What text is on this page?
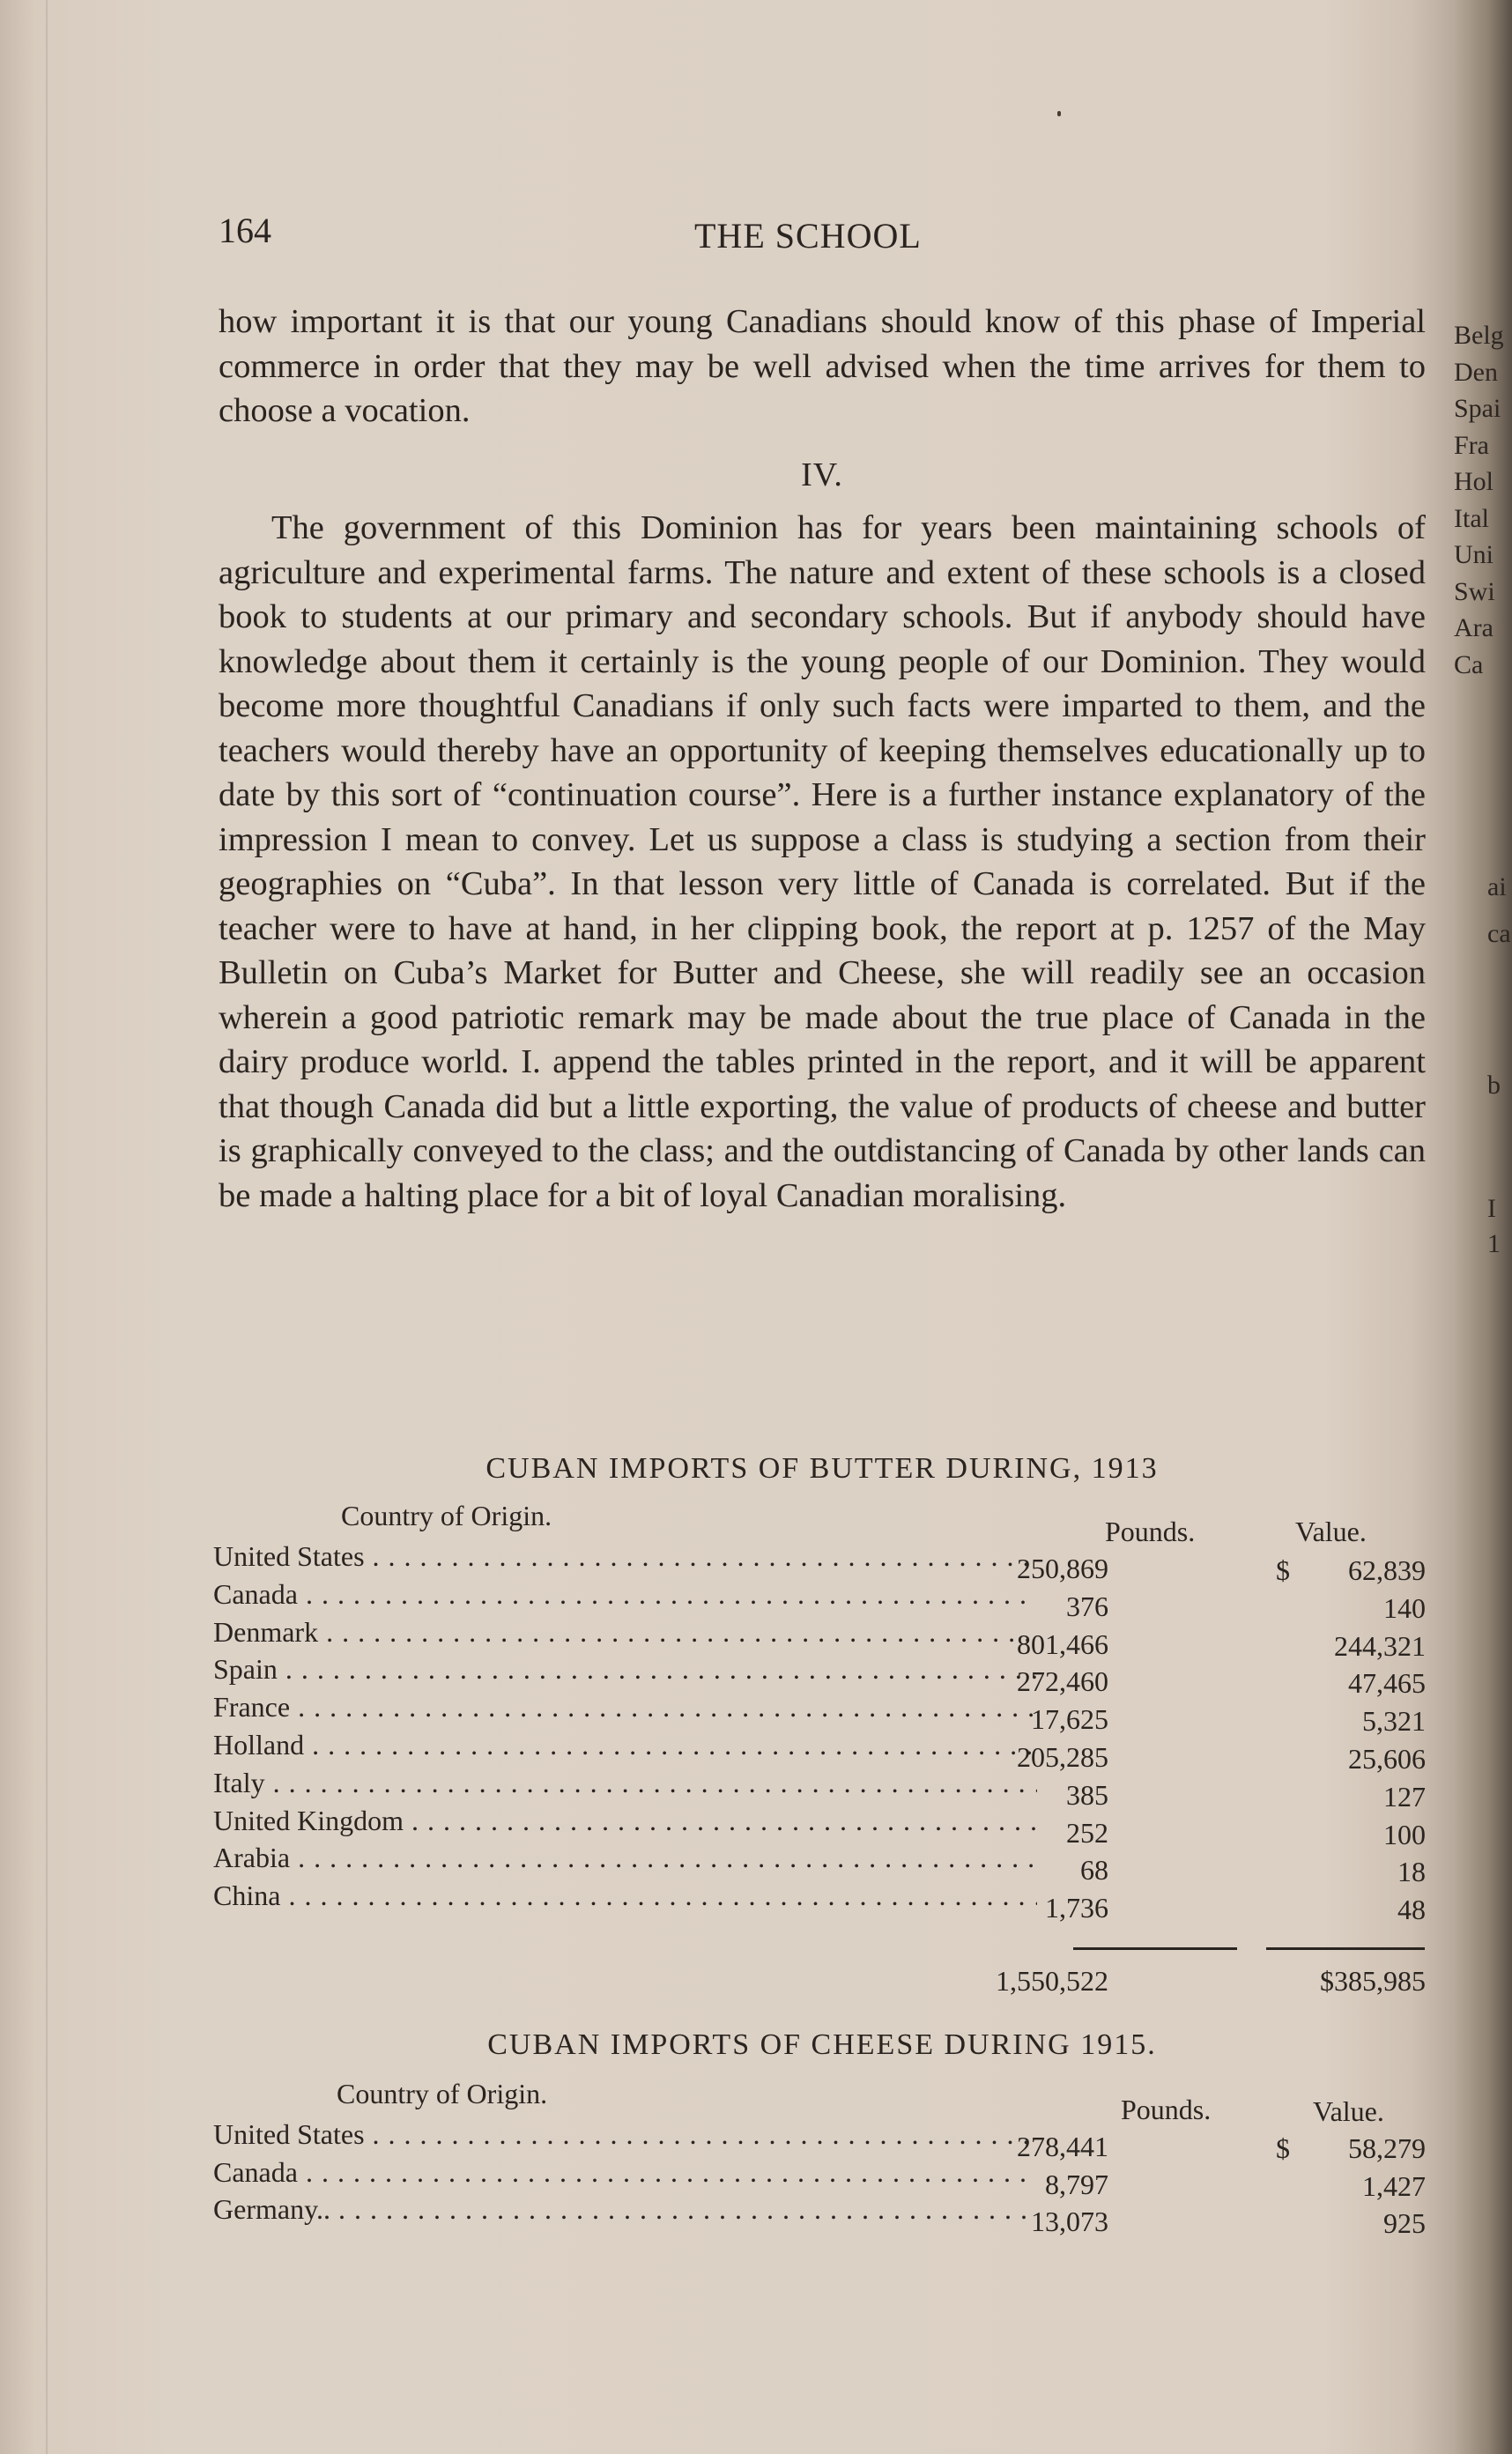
164	THE SCHOOL

how important it is that our young Canadians should know of this phase of Imperial commerce in order that they may be well advised when the time arrives for them to choose a vocation.

IV.

The government of this Dominion has for years been maintaining schools of agriculture and experimental farms. The nature and extent of these schools is a closed book to students at our primary and secondary schools. But if anybody should have knowledge about them it certainly is the young people of our Dominion. They would become more thoughtful Canadians if only such facts were imparted to them, and the teachers would thereby have an opportunity of keeping themselves educationally up to date by this sort of “continuation course”. Here is a further instance explanatory of the impression I mean to convey. Let us suppose a class is studying a section from their geographies on “Cuba”. In that lesson very little of Canada is correlated. But if the teacher were to have at hand, in her clipping book, the report at p. 1257 of the May Bulletin on Cuba’s Market for Butter and Cheese, she will readily see an occasion wherein a good patriotic remark may be made about the true place of Canada in the dairy produce world. I. append the tables printed in the report, and it will be apparent that though Canada did but a little exporting, the value of products of cheese and butter is graphically conveyed to the class; and the outdistancing of Canada by other lands can be made a halting place for a bit of loyal Canadian moralising.

CUBAN IMPORTS OF BUTTER DURING, 1913
Country of Origin.	Pounds.	Value.
United States . . .	250,869	$	62,839
Canada . . .	376	140
Denmark . . .	801,466	244,321
Spain . . .	272,460	47,465
France . . .	17,625	5,321
Holland . . .	205,285	25,606
Italy . . .	385	127
United Kingdom . . .	252	100
Arabia . . .	68	18
China . . .	1,736	48
1,550,522	$385,985
CUBAN IMPORTS OF CHEESE DURING 1915.
Country of Origin.	Pounds.	Value.
United States . . .	278,441	$	58,279
Canada . . .	8,797	1,427
Germany.. . . .	13,073	925
Belg
Den
Spai
Fra
Hol
Ital
Uni
Swi
Ara
Ca
ai
ca
b
I
1
